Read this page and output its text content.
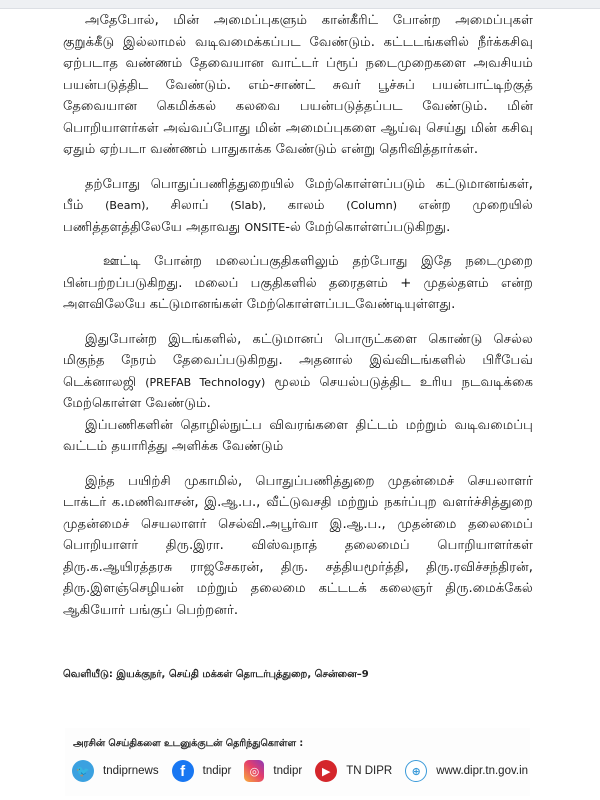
அதேபோல், மின் அமைப்புகளும் கான்கீரிட் போன்ற அமைப்புகள் குறுக்கீடு இல்லாமல் வடிவமைக்கப்பட வேண்டும். கட்டடங்களில் நீர்க்கசிவு ஏற்படாத வண்ணம் தேவையான வாட்டர் ப்ரூப் நடைமுறைகளை அவசியம் பயன்படுத்திட வேண்டும். எம்-சாண்ட் சுவர் பூச்சுப் பயன்பாட்டிற்குத் தேவையான கெமிக்கல் கலவை பயன்படுத்தப்பட வேண்டும். மின் பொறியாளர்கள் அவ்வப்போது மின் அமைப்புகளை ஆய்வு செய்து மின் கசிவு ஏதும் ஏற்படா வண்ணம் பாதுகாக்க வேண்டும் என்று தெரிவித்தார்கள்.

தற்போது பொதுப்பணித்துறையில் மேற்கொள்ளப்படும் கட்டுமானங்கள், பீம் (Beam), சிலாப் (Slab), காலம் (Column) என்ற முறையில் பணித்தளத்திலேயே அதாவது ONSITE-ல் மேற்கொள்ளப்படுகிறது.

ஊட்டி போன்ற மலைப்பகுதிகளிலும் தற்போது இதே நடைமுறை பின்பற்றப்படுகிறது. மலைப் பகுதிகளில் தரைதளம் + முதல்தளம் என்ற அளவிலேயே கட்டுமானங்கள் மேற்கொள்ளப்படவேண்டியுள்ளது.

இதுபோன்ற இடங்களில், கட்டுமானப் பொருட்களை கொண்டு செல்ல மிகுந்த நேரம் தேவைப்படுகிறது. அதனால் இவ்விடங்களில் பிரீபேவ் டெக்னாலஜி (PREFAB Technology) மூலம் செயல்படுத்திட உரிய நடவடிக்கை மேற்கொள்ள வேண்டும்.

இப்பணிகளின் தொழில்நுட்ப விவரங்களை திட்டம் மற்றும் வடிவமைப்பு வட்டம் தயாரித்து அளிக்க வேண்டும்

இந்த பயிற்சி முகாமில், பொதுப்பணித்துறை முதன்மைச் செயலாளர் டாக்டர் க.மணிவாசன், இ.ஆ.ப., வீட்டுவசதி மற்றும் நகர்ப்புற வளர்ச்சித்துறை முதன்மைச் செயலாளர் செல்வி.அபூர்வா இ.ஆ.ப., முதன்மை தலைமைப் பொறியாளர் திரு.இரா. விஸ்வநாத் தலைமைப் பொறியாளர்கள் திரு.க.ஆயிரத்தரசு ராஜசேகரன், திரு. சத்தியமூர்த்தி, திரு.ரவிச்சந்திரன், திரு.இளஞ்செழியன் மற்றும் தலைமை கட்டடக் கலைஞர் திரு.மைக்கேல் ஆகியோர் பங்குப் பெற்றனர்.

வெளியீடு: இயக்குநர், செய்தி மக்கள் தொடர்புத்துறை, சென்னை–9
அரசின் செய்திகளை உடனுக்குடன் தெரிந்துகொள்ள :
🐦	tndiprnews	f	tndipr	◎	tndipr	▶	TN DIPR	⊕	www.dipr.tn.gov.in
